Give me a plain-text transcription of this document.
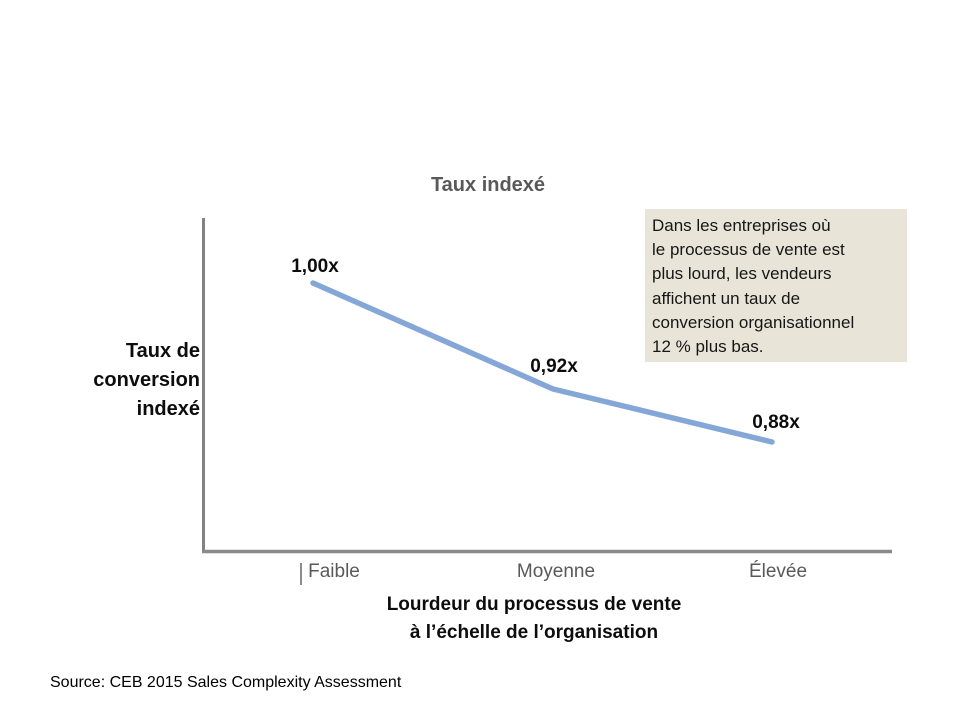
Taux indexé
Dans les entreprises où
le processus de vente est
plus lourd, les vendeurs
affichent un taux de
conversion organisationnel
12 % plus bas.
Taux de
conversion
indexé
1,00x
0,92x
0,88x
Faible	Moyenne	Élevée
Lourdeur du processus de vente
à l’échelle de l’organisation
Source: CEB 2015 Sales Complexity Assessment
